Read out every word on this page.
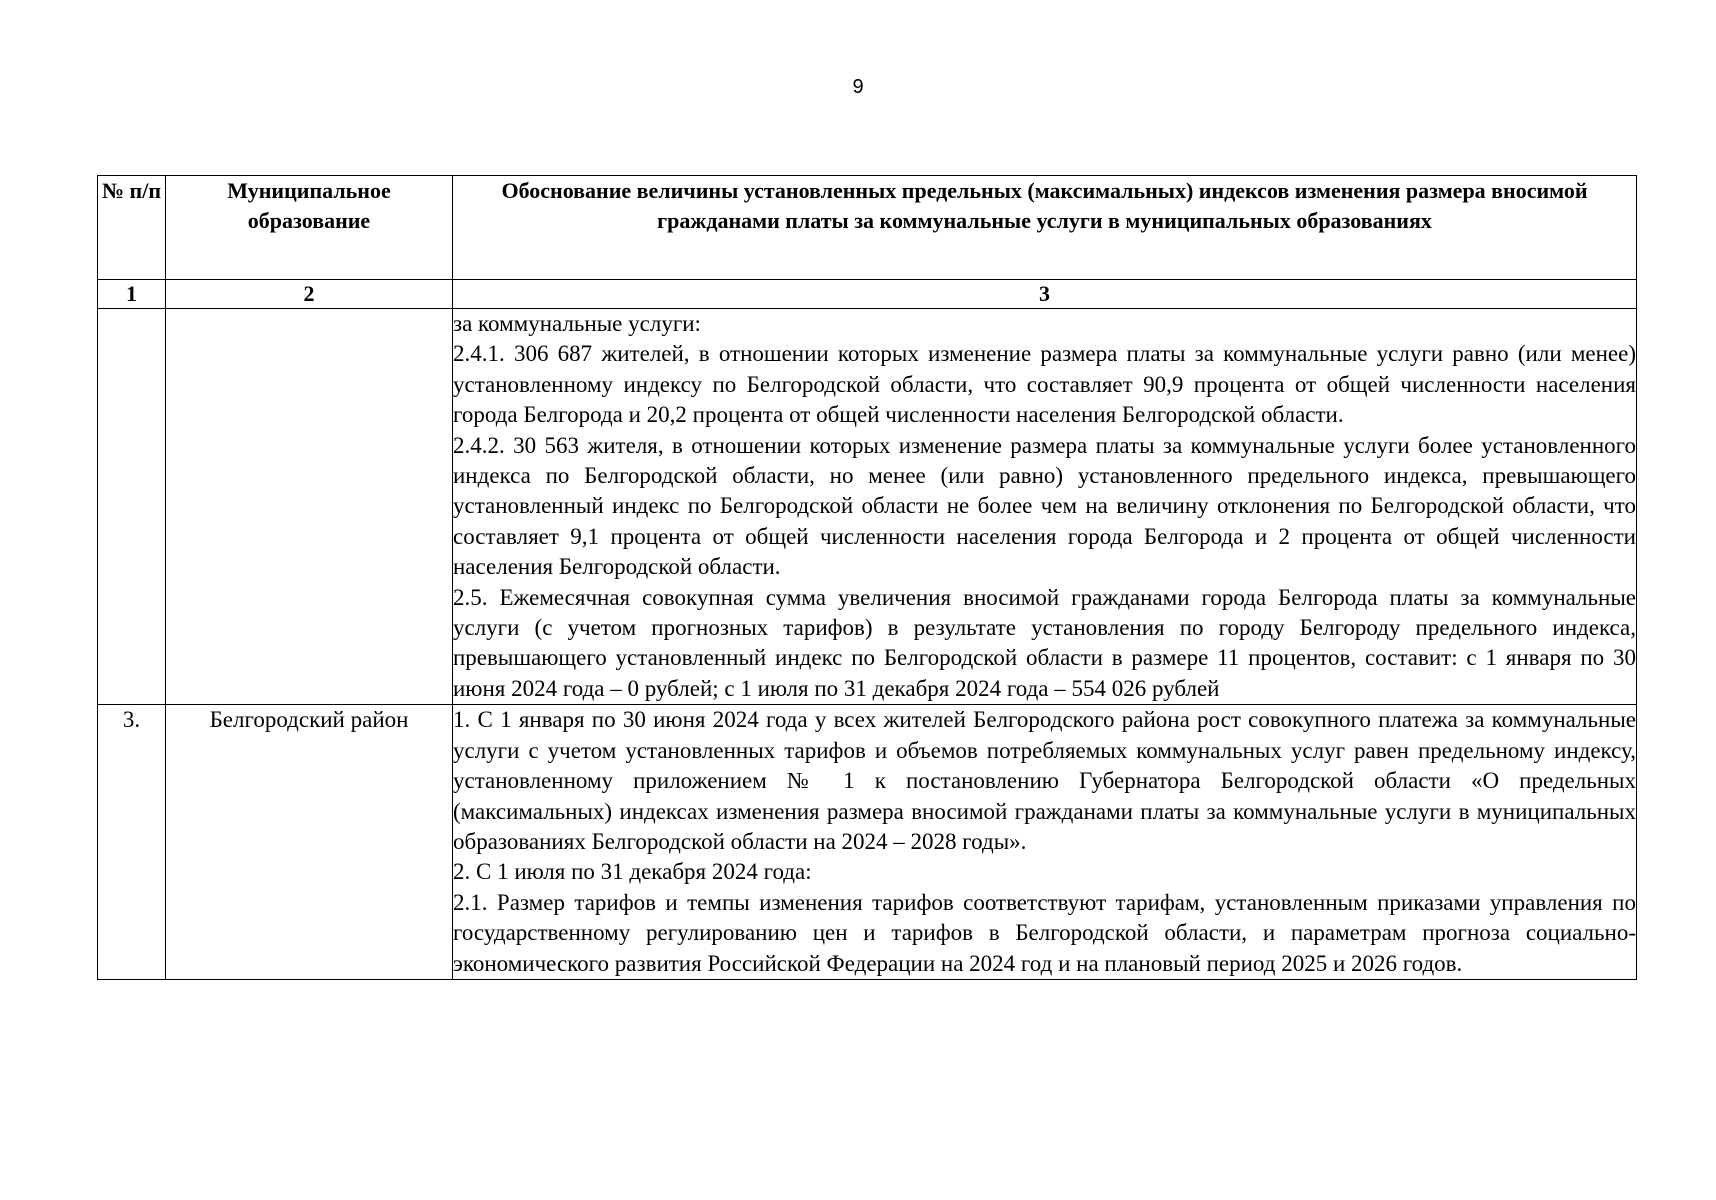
9
№ п/п	Муниципальное образование	Обоснование величины установленных предельных (максимальных) индексов изменения размера вносимой гражданами платы за коммунальные услуги в муниципальных образованиях
1	2	3

		за коммунальные услуги:

2.4.1. 306 687 жителей, в отношении которых изменение размера платы за коммунальные услуги равно (или менее) установленному индексу по Белгородской области, что составляет 90,9 процента от общей численности населения города Белгорода и 20,2 процента от общей численности населения Белгородской области.

2.4.2. 30 563 жителя, в отношении которых изменение размера платы за коммунальные услуги более установленного индекса по Белгородской области, но менее (или равно) установленного предельного индекса, превышающего установленный индекс по Белгородской области не более чем на величину отклонения по Белгородской области, что составляет 9,1 процента от общей численности населения города Белгорода и 2 процента от общей численности населения Белгородской области.

2.5. Ежемесячная совокупная сумма увеличения вносимой гражданами города Белгорода платы за коммунальные услуги (с учетом прогнозных тарифов) в результате установления по городу Белгороду предельного индекса, превышающего установленный индекс по Белгородской области в размере 11 процентов, составит: с 1 января по 30 июня 2024 года – 0 рублей; с 1 июля по 31 декабря 2024 года – 554 026 рублей

3.	Белгородский район	1. С 1 января по 30 июня 2024 года у всех жителей Белгородского района рост совокупного платежа за коммунальные услуги с учетом установленных тарифов и объемов потребляемых коммунальных услуг равен предельному индексу, установленному приложением № 1 к постановлению Губернатора Белгородской области «О предельных (максимальных) индексах изменения размера вносимой гражданами платы за коммунальные услуги в муниципальных образованиях Белгородской области на 2024 – 2028 годы».

2. С 1 июля по 31 декабря 2024 года:

2.1. Размер тарифов и темпы изменения тарифов соответствуют тарифам, установленным приказами управления по государственному регулированию цен и тарифов в Белгородской области, и параметрам прогноза социально-экономического развития Российской Федерации на 2024 год и на плановый период 2025 и 2026 годов.
